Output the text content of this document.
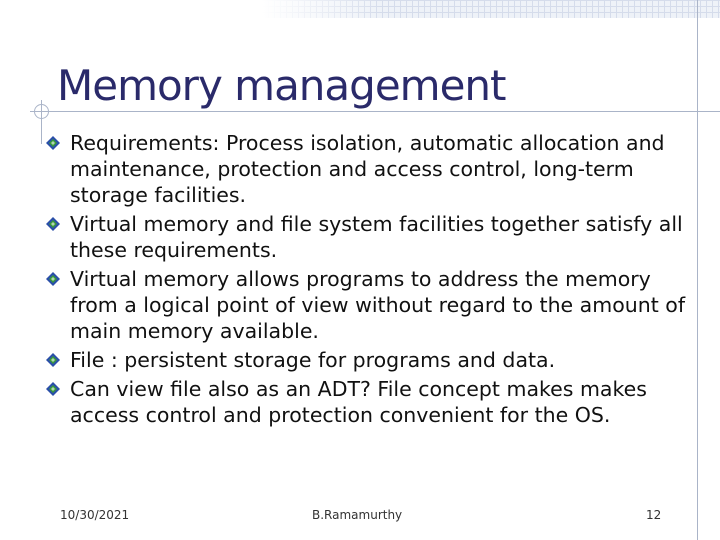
Memory management
Requirements: Process isolation, automatic allocation and maintenance, protection and access control, long-term storage facilities.
Virtual memory and file system facilities together satisfy all these requirements.
Virtual memory allows programs to address the memory from a logical point of view without regard to the amount of main memory available.
File : persistent storage for programs and data.
Can view file also as an ADT? File concept makes makes access control and protection convenient for the OS.
10/30/2021	B.Ramamurthy	12
